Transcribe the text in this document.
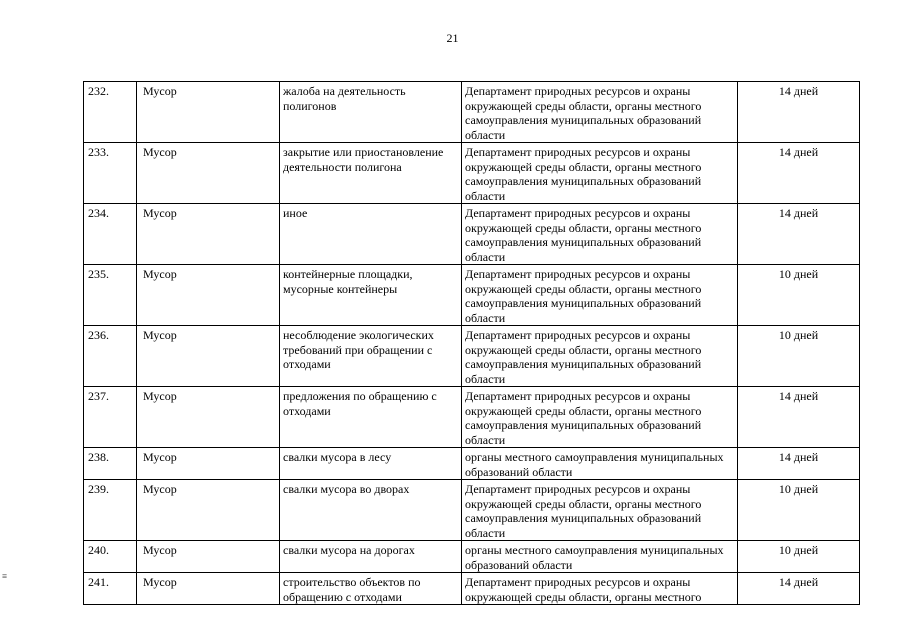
21
232.	Мусор	жалоба на деятельность полигонов	Департамент природных ресурсов и охраны окружающей среды области, органы местного самоуправления муниципальных образований области	14 дней
233.	Мусор	закрытие или приостановление деятельности полигона	Департамент природных ресурсов и охраны окружающей среды области, органы местного самоуправления муниципальных образований области	14 дней
234.	Мусор	иное	Департамент природных ресурсов и охраны окружающей среды области, органы местного самоуправления муниципальных образований области	14 дней
235.	Мусор	контейнерные площадки, мусорные контейнеры	Департамент природных ресурсов и охраны окружающей среды области, органы местного самоуправления муниципальных образований области	10 дней
236.	Мусор	несоблюдение экологических требований при обращении с отходами	Департамент природных ресурсов и охраны окружающей среды области, органы местного самоуправления муниципальных образований области	10 дней
237.	Мусор	предложения по обращению с отходами	Департамент природных ресурсов и охраны окружающей среды области, органы местного самоуправления муниципальных образований области	14 дней
238.	Мусор	свалки мусора в лесу	органы местного самоуправления муниципальных образований области	14 дней
239.	Мусор	свалки мусора во дворах	Департамент природных ресурсов и охраны окружающей среды области, органы местного самоуправления муниципальных образований области	10 дней
240.	Мусор	свалки мусора на дорогах	органы местного самоуправления муниципальных образований области	10 дней
241.	Мусор	строительство объектов по обращению с отходами	Департамент природных ресурсов и охраны окружающей среды области, органы местного	14 дней
≡
